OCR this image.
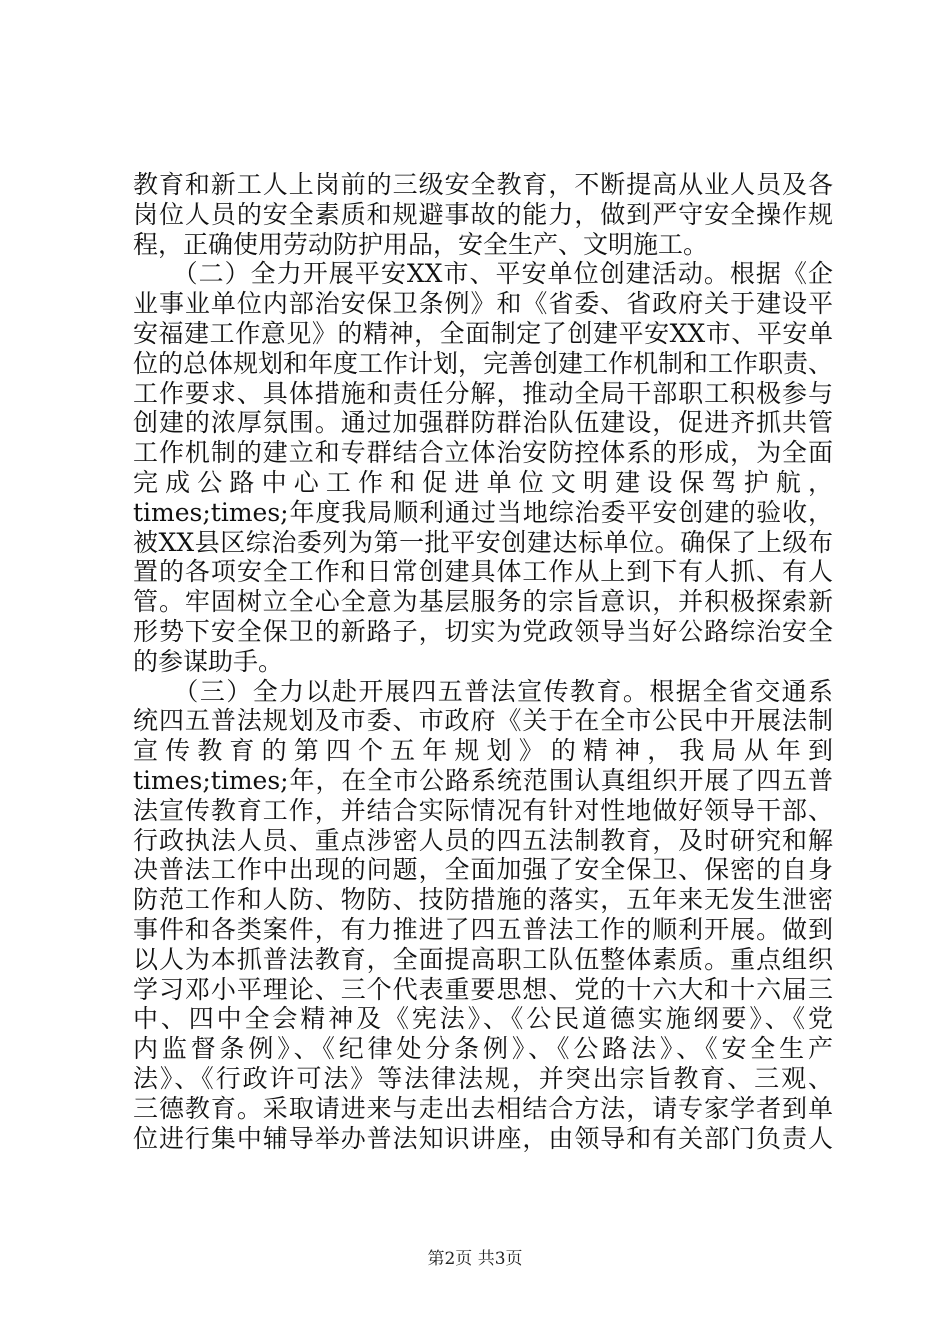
教育和新工人上岗前的三级安全教育，不断提高从业人员及各
岗位人员的安全素质和规避事故的能力，做到严守安全操作规
程，正确使用劳动防护用品，安全生产、文明施工。
　　（二）全力开展平安XX市、平安单位创建活动。根据《企
业事业单位内部治安保卫条例》和《省委、省政府关于建设平
安福建工作意见》的精神，全面制定了创建平安XX市、平安单
位的总体规划和年度工作计划，完善创建工作机制和工作职责、
工作要求、具体措施和责任分解，推动全局干部职工积极参与
创建的浓厚氛围。通过加强群防群治队伍建设，促进齐抓共管
工作机制的建立和专群结合立体治安防控体系的形成，为全面
完成公路中心工作和促进单位文明建设保驾护航，
times;times;年度我局顺利通过当地综治委平安创建的验收，
被XX县区综治委列为第一批平安创建达标单位。确保了上级布
置的各项安全工作和日常创建具体工作从上到下有人抓、有人
管。牢固树立全心全意为基层服务的宗旨意识，并积极探索新
形势下安全保卫的新路子，切实为党政领导当好公路综治安全
的参谋助手。
　　（三）全力以赴开展四五普法宣传教育。根据全省交通系
统四五普法规划及市委、市政府《关于在全市公民中开展法制
宣传教育的第四个五年规划》的精神，我局从年到
times;times;年，在全市公路系统范围认真组织开展了四五普
法宣传教育工作，并结合实际情况有针对性地做好领导干部、
行政执法人员、重点涉密人员的四五法制教育，及时研究和解
决普法工作中出现的问题，全面加强了安全保卫、保密的自身
防范工作和人防、物防、技防措施的落实，五年来无发生泄密
事件和各类案件，有力推进了四五普法工作的顺利开展。做到
以人为本抓普法教育，全面提高职工队伍整体素质。重点组织
学习邓小平理论、三个代表重要思想、党的十六大和十六届三
中、四中全会精神及《宪法》、《公民道德实施纲要》、《党
内监督条例》、《纪律处分条例》、《公路法》、《安全生产
法》、《行政许可法》等法律法规，并突出宗旨教育、三观、
三德教育。采取请进来与走出去相结合方法，请专家学者到单
位进行集中辅导举办普法知识讲座，由领导和有关部门负责人
第2页 共3页
